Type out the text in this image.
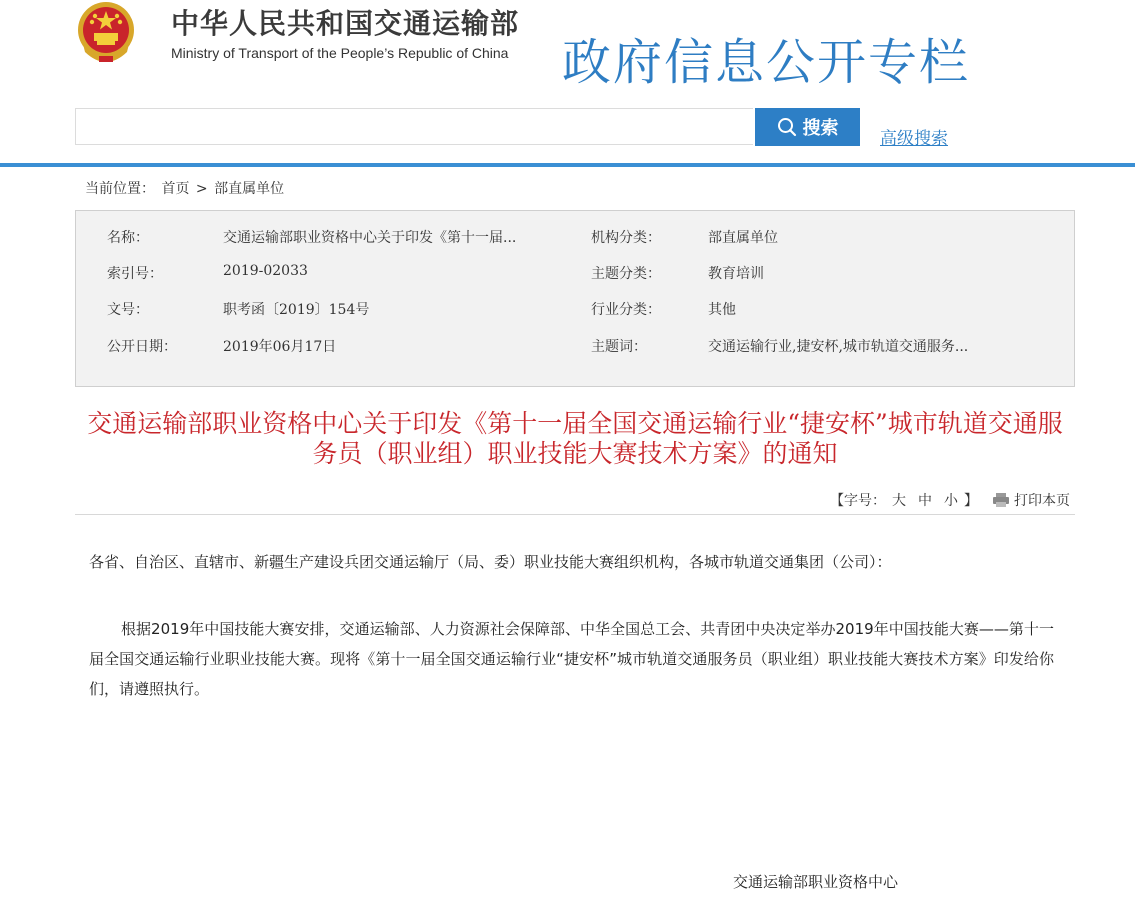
中华人民共和国交通运输部
Ministry of Transport of the People’s Republic of China 政府信息公开专栏
搜索
高级搜索
当前位置： 首页 > 部直属单位
名称：	交通运输部职业资格中心关于印发《第十一届...	机构分类：	部直属单位
索引号：	2019-02033	主题分类：	教育培训
文号：	职考函〔2019〕154号	行业分类：	其他
公开日期：	2019年06月17日	主题词：	交通运输行业,捷安杯,城市轨道交通服务...
交通运输部职业资格中心关于印发《第十一届全国交通运输行业“捷安杯”城市轨道交通服务员（职业组）职业技能大赛技术方案》的通知
【字号： 大 中 小 】	打印本页
各省、自治区、直辖市、新疆生产建设兵团交通运输厅（局、委）职业技能大赛组织机构，各城市轨道交通集团（公司）：
根据2019年中国技能大赛安排，交通运输部、人力资源社会保障部、中华全国总工会、共青团中央决定举办2019年中国技能大赛——第十一届全国交通运输行业职业技能大赛。现将《第十一届全国交通运输行业“捷安杯”城市轨道交通服务员（职业组）职业技能大赛技术方案》印发给你们，请遵照执行。
交通运输部职业资格中心
